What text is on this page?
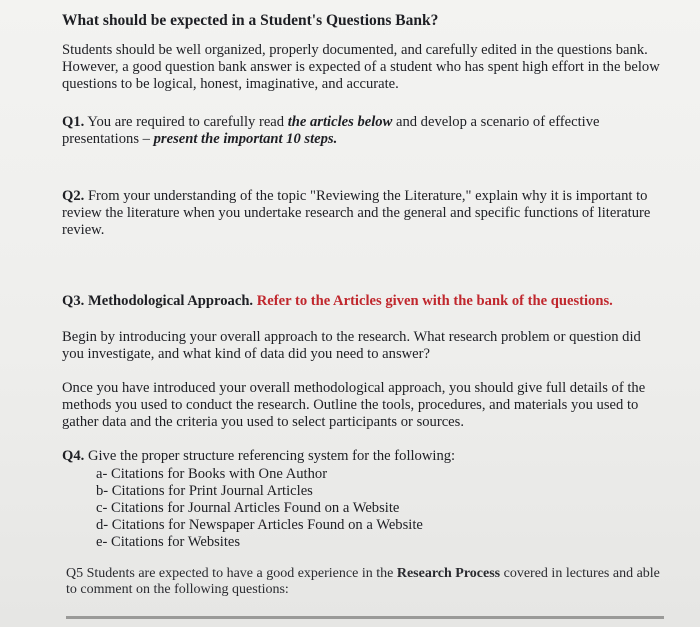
What should be expected in a Student's Questions Bank?
Students should be well organized, properly documented, and carefully edited in the questions bank. However, a good question bank answer is expected of a student who has spent high effort in the below questions to be logical, honest, imaginative, and accurate.
Q1. You are required to carefully read the articles below and develop a scenario of effective presentations – present the important 10 steps.
Q2. From your understanding of the topic "Reviewing the Literature," explain why it is important to review the literature when you undertake research and the general and specific functions of literature review.
Q3. Methodological Approach. Refer to the Articles given with the bank of the questions.
Begin by introducing your overall approach to the research. What research problem or question did you investigate, and what kind of data did you need to answer?
Once you have introduced your overall methodological approach, you should give full details of the methods you used to conduct the research. Outline the tools, procedures, and materials you used to gather data and the criteria you used to select participants or sources.
Q4. Give the proper structure referencing system for the following:
a- Citations for Books with One Author
b- Citations for Print Journal Articles
c- Citations for Journal Articles Found on a Website
d- Citations for Newspaper Articles Found on a Website
e- Citations for Websites
Q5 Students are expected to have a good experience in the Research Process covered in lectures and able to comment on the following questions:
